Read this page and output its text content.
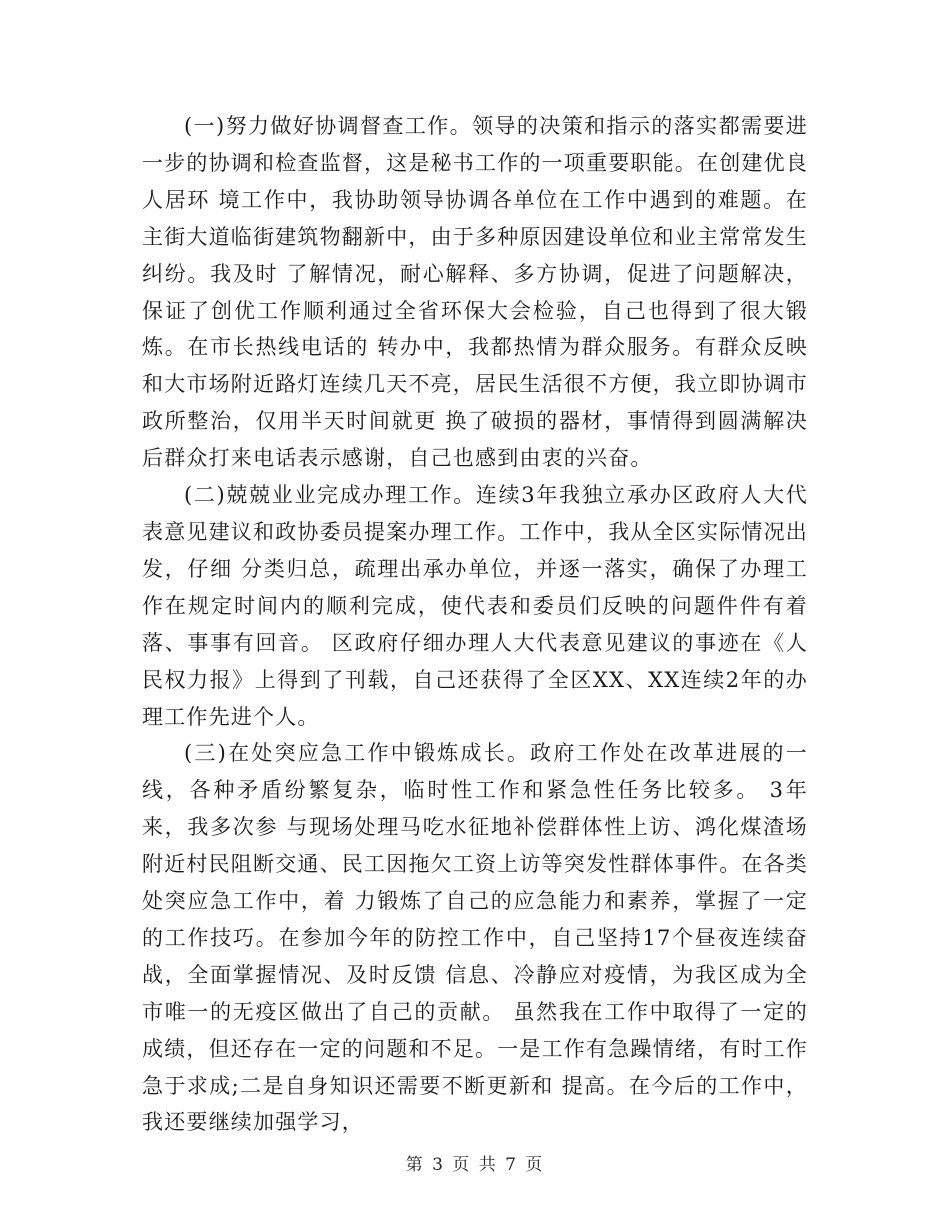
(一)努力做好协调督查工作。领导的决策和指示的落实都需要进一步的协调和检查监督，这是秘书工作的一项重要职能。在创建优良人居环 境工作中，我协助领导协调各单位在工作中遇到的难题。在主街大道临街建筑物翻新中，由于多种原因建设单位和业主常常发生纠纷。我及时 了解情况，耐心解释、多方协调，促进了问题解决，保证了创优工作顺利通过全省环保大会检验，自己也得到了很大锻炼。在市长热线电话的 转办中，我都热情为群众服务。有群众反映和大市场附近路灯连续几天不亮，居民生活很不方便，我立即协调市政所整治，仅用半天时间就更 换了破损的器材，事情得到圆满解决后群众打来电话表示感谢，自己也感到由衷的兴奋。

(二)兢兢业业完成办理工作。连续3年我独立承办区政府人大代表意见建议和政协委员提案办理工作。工作中，我从全区实际情况出发，仔细 分类归总，疏理出承办单位，并逐一落实，确保了办理工作在规定时间内的顺利完成，使代表和委员们反映的问题件件有着落、事事有回音。 区政府仔细办理人大代表意见建议的事迹在《人民权力报》上得到了刊载，自己还获得了全区XX、XX连续2年的办理工作先进个人。

(三)在处突应急工作中锻炼成长。政府工作处在改革进展的一线，各种矛盾纷繁复杂，临时性工作和紧急性任务比较多。 3年来，我多次参 与现场处理马吃水征地补偿群体性上访、鸿化煤渣场附近村民阻断交通、民工因拖欠工资上访等突发性群体事件。在各类处突应急工作中，着 力锻炼了自己的应急能力和素养，掌握了一定的工作技巧。在参加今年的防控工作中，自己坚持17个昼夜连续奋战，全面掌握情况、及时反馈 信息、冷静应对疫情，为我区成为全市唯一的无疫区做出了自己的贡献。 虽然我在工作中取得了一定的成绩，但还存在一定的问题和不足。一是工作有急躁情绪，有时工作急于求成;二是自身知识还需要不断更新和 提高。在今后的工作中，我还要继续加强学习，

第 3 页 共 7 页
